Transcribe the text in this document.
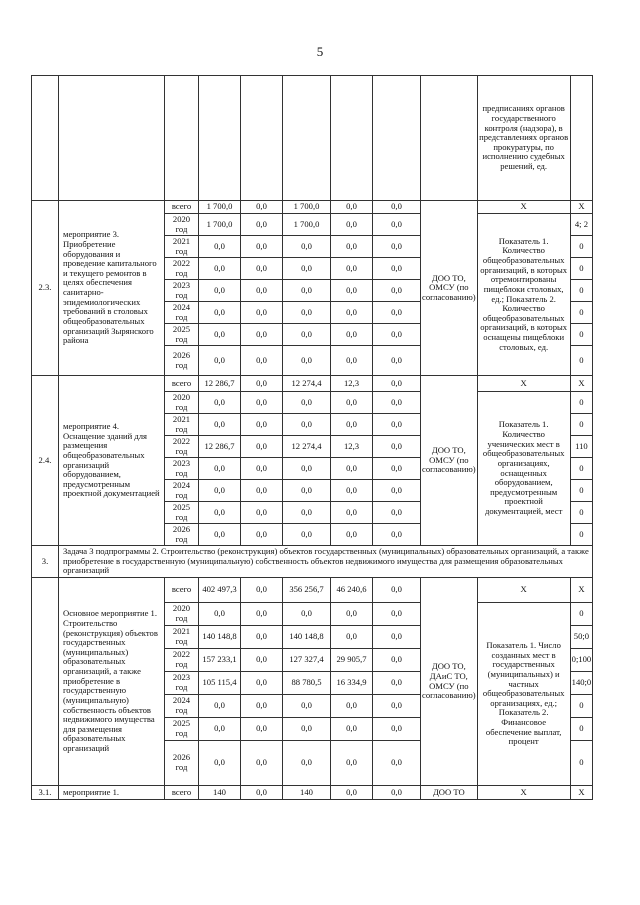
5
									предписаниях органов государственного контроля (надзора), в представлениях органов прокуратуры, по исполнению судебных решений, ед.	
2.3.	мероприятие 3. Приобретение оборудования и проведение капитального и текущего ремонтов в целях обеспечения санитарно-эпидемиологических требований в столовых общеобразовательных организаций Зырянского района	всего	1 700,0	0,0	1 700,0	0,0	0,0	ДОО ТО, ОМСУ (по согласованию)	X	X
		2020 год	1 700,0	0,0	1 700,0	0,0	0,0		Показатель 1. Количество общеобразовательных организаций, в которых отремонтированы пищеблоки столовых, ед.; Показатель 2. Количество общеобразовательных организаций, в которых оснащены пищеблоки столовых, ед.	4; 2
		2021 год	0,0	0,0	0,0	0,0	0,0			0
		2022 год	0,0	0,0	0,0	0,0	0,0			0
		2023 год	0,0	0,0	0,0	0,0	0,0			0
		2024 год	0,0	0,0	0,0	0,0	0,0			0
		2025 год	0,0	0,0	0,0	0,0	0,0			0
		2026 год	0,0	0,0	0,0	0,0	0,0			0
2.4.	мероприятие 4. Оснащение зданий для размещения общеобразовательных организаций оборудованием, предусмотренным проектной документацией	всего	12 286,7	0,0	12 274,4	12,3	0,0	ДОО ТО, ОМСУ (по согласованию)	X	X
		2020 год	0,0	0,0	0,0	0,0	0,0		Показатель 1. Количество ученических мест в общеобразовательных организациях, оснащенных оборудованием, предусмотренным проектной документацией, мест	0
		2021 год	0,0	0,0	0,0	0,0	0,0			0
		2022 год	12 286,7	0,0	12 274,4	12,3	0,0			110
		2023 год	0,0	0,0	0,0	0,0	0,0			0
		2024 год	0,0	0,0	0,0	0,0	0,0			0
		2025 год	0,0	0,0	0,0	0,0	0,0			0
		2026 год	0,0	0,0	0,0	0,0	0,0			0
3.	Задача 3 подпрограммы 2. Строительство (реконструкция) объектов государственных (муниципальных) образовательных организаций, а также приобретение в государственную (муниципальную) собственность объектов недвижимого имущества для размещения образовательных организаций									
	Основное мероприятие 1. Строительство (реконструкция) объектов государственных (муниципальных) образовательных организаций, а также приобретение в государственную (муниципальную) собственность объектов недвижимого имущества для размещения образовательных организаций	всего	402 497,3	0,0	356 256,7	46 240,6	0,0	ДОО ТО, ДАиС ТО, ОМСУ (по согласованию)	X	X
		2020 год	0,0	0,0	0,0	0,0	0,0		Показатель 1. Число созданных мест в государственных (муниципальных) и частных общеобразовательных организациях, ед.; Показатель 2. Финансовое обеспечение выплат, процент	0
		2021 год	140 148,8	0,0	140 148,8	0,0	0,0			50;0
		2022 год	157 233,1	0,0	127 327,4	29 905,7	0,0			0;100
		2023 год	105 115,4	0,0	88 780,5	16 334,9	0,0			140;0
		2024 год	0,0	0,0	0,0	0,0	0,0			0
		2025 год	0,0	0,0	0,0	0,0	0,0			0
		2026 год	0,0	0,0	0,0	0,0	0,0			0
3.1.	мероприятие 1.	всего	140	0,0	140	0,0	0,0	ДОО ТО	X	X
